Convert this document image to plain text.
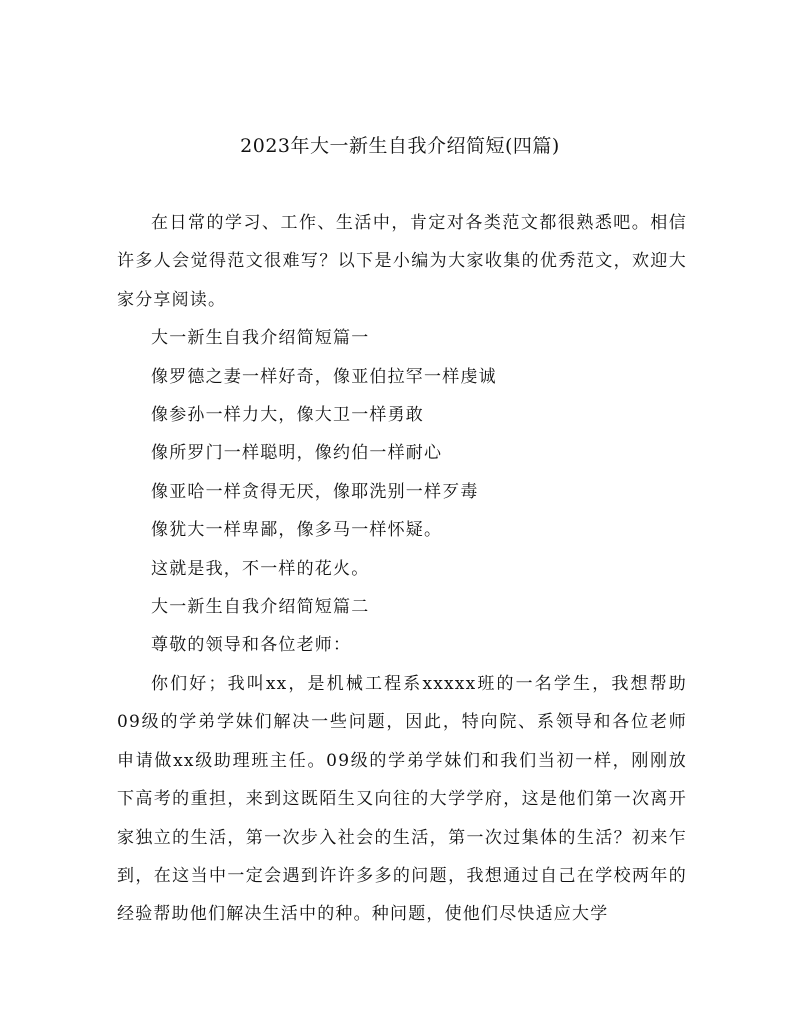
2023年大一新生自我介绍简短(四篇)

在日常的学习、工作、生活中，肯定对各类范文都很熟悉吧。相信许多人会觉得范文很难写？以下是小编为大家收集的优秀范文，欢迎大家分享阅读。

大一新生自我介绍简短篇一

像罗德之妻一样好奇，像亚伯拉罕一样虔诚

像参孙一样力大，像大卫一样勇敢

像所罗门一样聪明，像约伯一样耐心

像亚哈一样贪得无厌，像耶洗别一样歹毒

像犹大一样卑鄙，像多马一样怀疑。

这就是我，不一样的花火。

大一新生自我介绍简短篇二

尊敬的领导和各位老师：

你们好；我叫xx，是机械工程系xxxxx班的一名学生，我想帮助09级的学弟学妹们解决一些问题，因此，特向院、系领导和各位老师申请做xx级助理班主任。09级的学弟学妹们和我们当初一样，刚刚放下高考的重担，来到这既陌生又向往的大学学府，这是他们第一次离开家独立的生活，第一次步入社会的生活，第一次过集体的生活？初来乍到，在这当中一定会遇到许许多多的问题，我想通过自己在学校两年的经验帮助他们解决生活中的种。种问题，使他们尽快适应大学
